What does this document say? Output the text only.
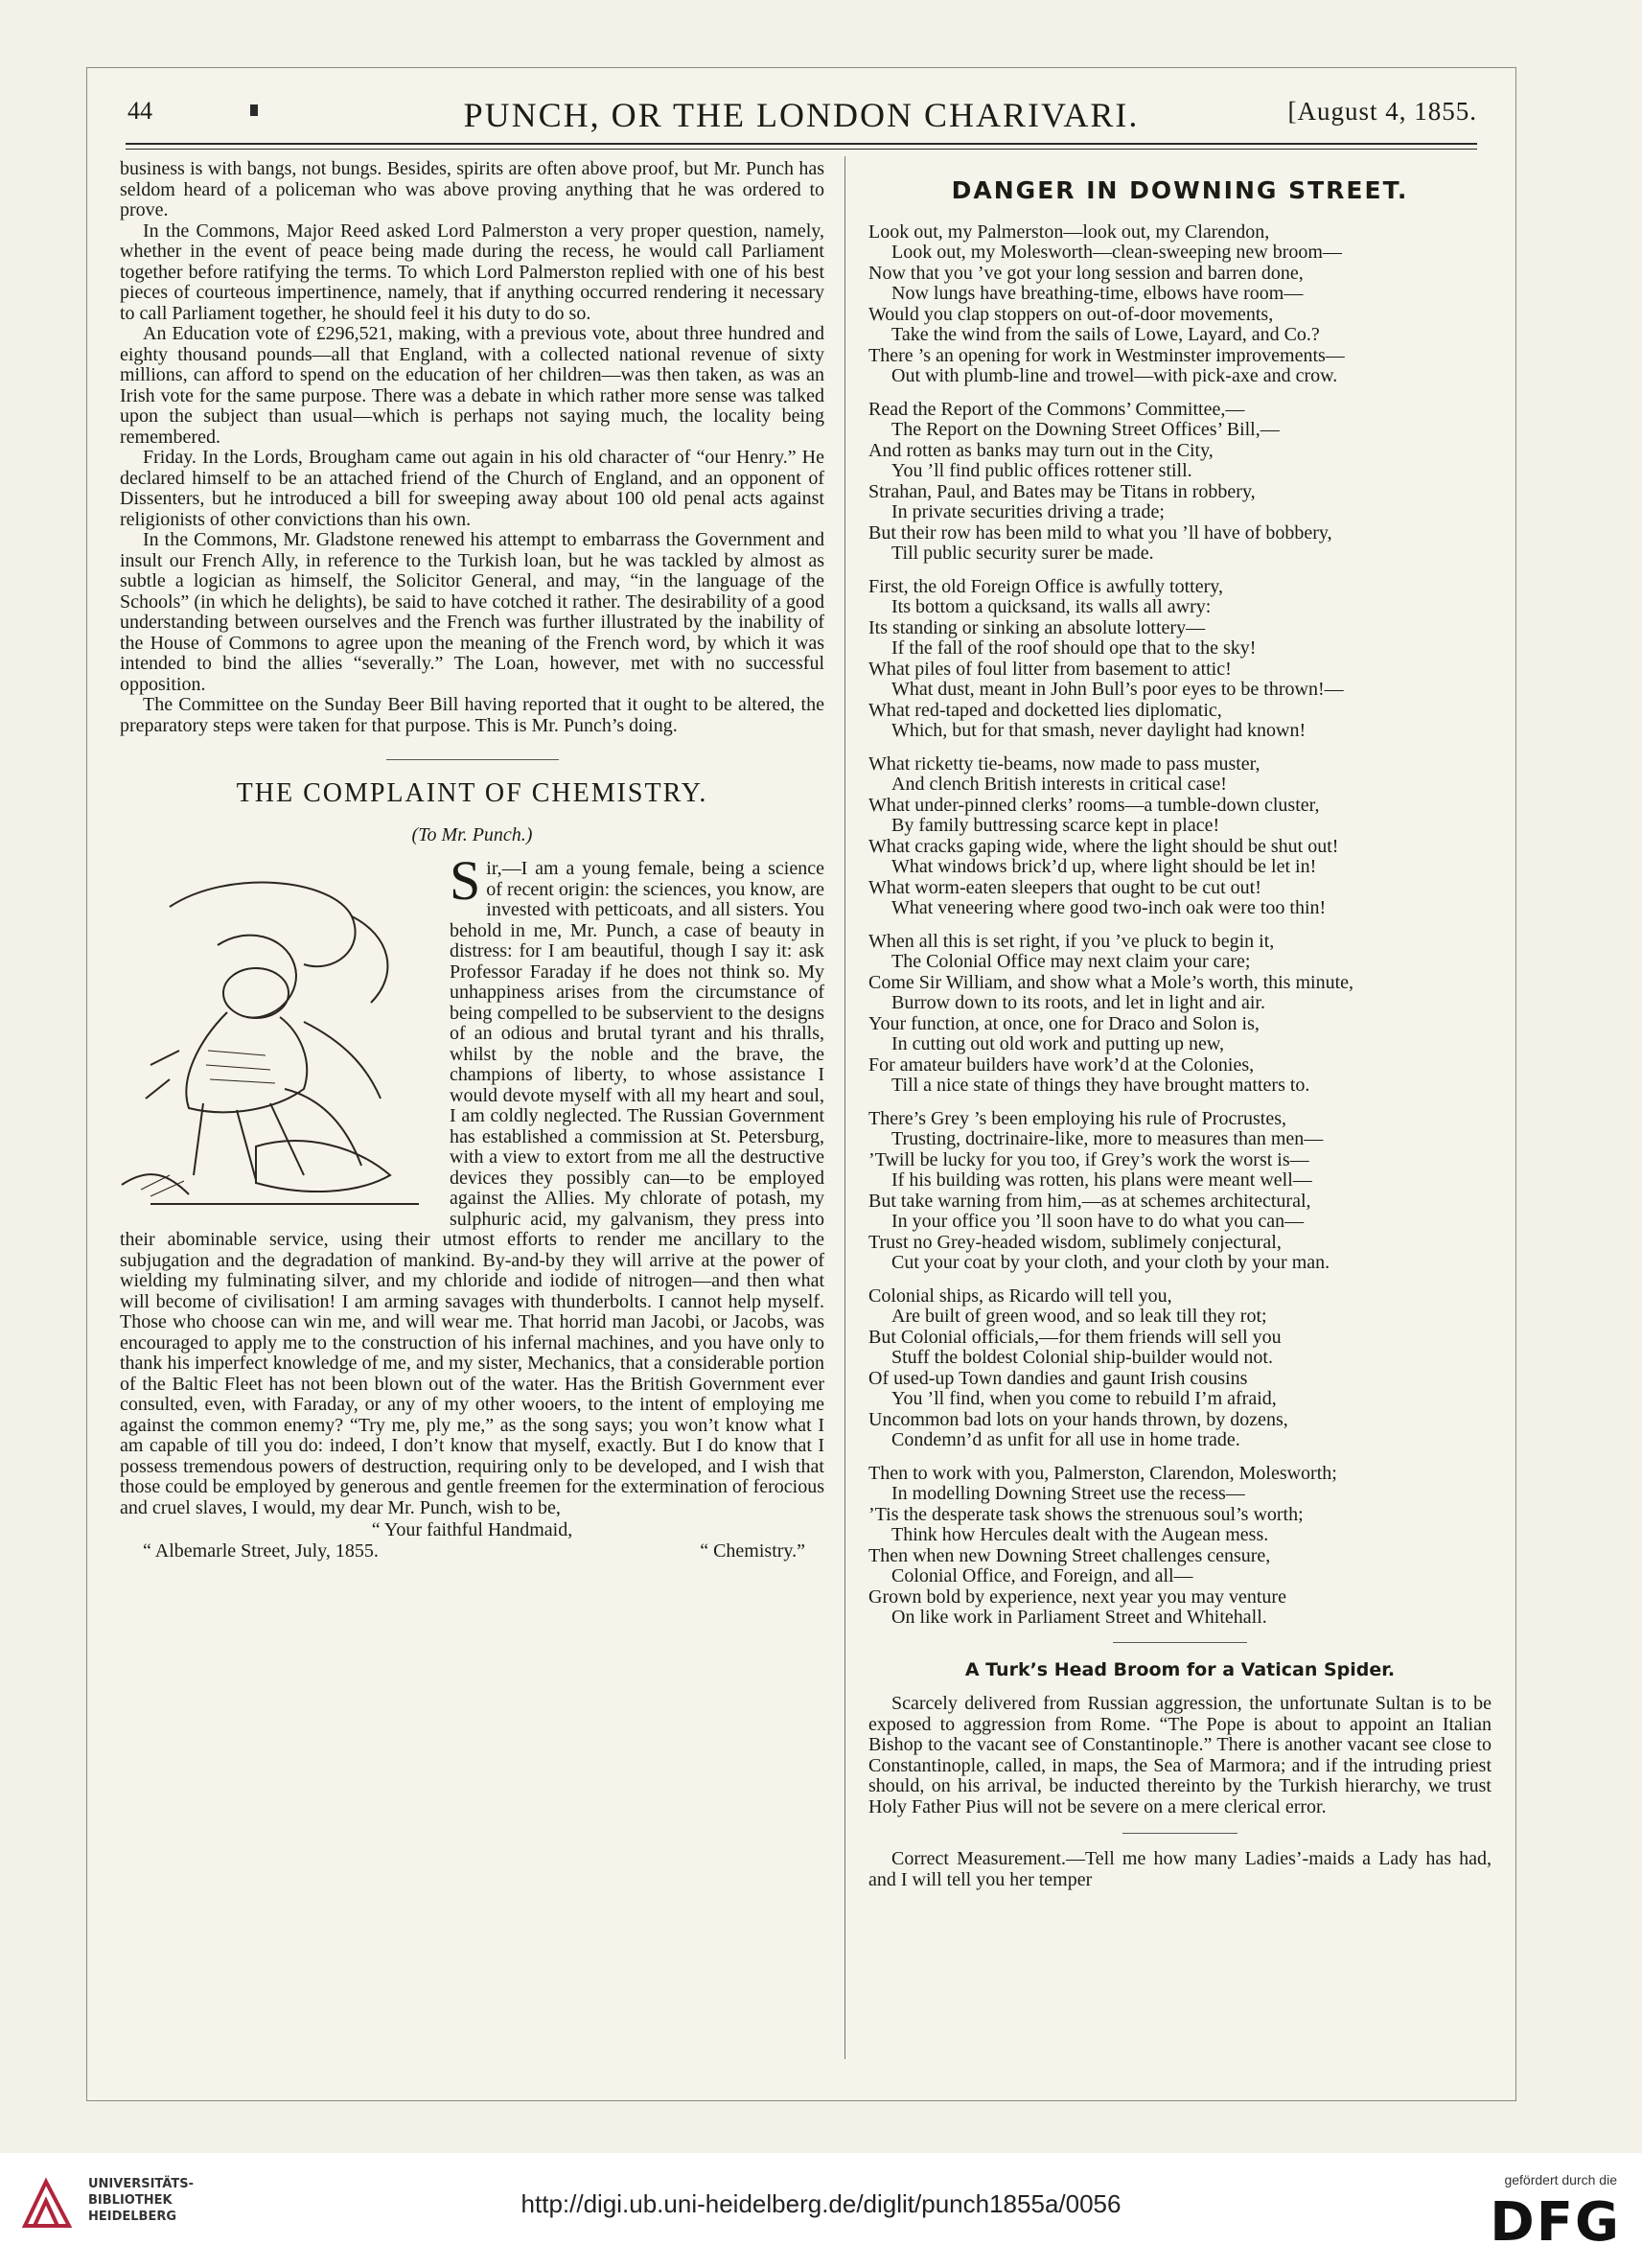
44	PUNCH, OR THE LONDON CHARIVARI.	[August 4, 1855.

business is with bangs, not bungs. Besides, spirits are often above proof, but Mr. Punch has seldom heard of a policeman who was above proving anything that he was ordered to prove.

In the Commons, Major Reed asked Lord Palmerston a very proper question, namely, whether in the event of peace being made during the recess, he would call Parliament together before ratifying the terms. To which Lord Palmerston replied with one of his best pieces of courteous impertinence, namely, that if anything occurred rendering it necessary to call Parliament together, he should feel it his duty to do so.

An Education vote of £296,521, making, with a previous vote, about three hundred and eighty thousand pounds—all that England, with a collected national revenue of sixty millions, can afford to spend on the education of her children—was then taken, as was an Irish vote for the same purpose. There was a debate in which rather more sense was talked upon the subject than usual—which is perhaps not saying much, the locality being remembered.

Friday. In the Lords, Brougham came out again in his old character of “our Henry.” He declared himself to be an attached friend of the Church of England, and an opponent of Dissenters, but he introduced a bill for sweeping away about 100 old penal acts against religionists of other convictions than his own.

In the Commons, Mr. Gladstone renewed his attempt to embarrass the Government and insult our French Ally, in reference to the Turkish loan, but he was tackled by almost as subtle a logician as himself, the Solicitor General, and may, “in the language of the Schools” (in which he delights), be said to have cotched it rather. The desirability of a good understanding between ourselves and the French was further illustrated by the inability of the House of Commons to agree upon the meaning of the French word, by which it was intended to bind the allies “severally.” The Loan, however, met with no successful opposition.

The Committee on the Sunday Beer Bill having reported that it ought to be altered, the preparatory steps were taken for that purpose. This is Mr. Punch’s doing.

THE COMPLAINT OF CHEMISTRY.
(To Mr. Punch.)
S ir,—I am a young female, being a science of recent origin: the sciences, you know, are invested with petticoats, and all sisters. You behold in me, Mr. Punch, a case of beauty in distress: for I am beautiful, though I say it: ask Professor Faraday if he does not think so. My unhappiness arises from the circumstance of being compelled to be subservient to the designs of an odious and brutal tyrant and his thralls, whilst by the noble and the brave, the champions of liberty, to whose assistance I would devote myself with all my heart and soul, I am coldly neglected. The Russian Government has established a commission at St. Petersburg, with a view to extort from me all the destructive devices they possibly can—to be employed against the Allies. My chlorate of potash, my sulphuric acid, my galvanism, they press into their abominable service, using their utmost efforts to render me ancillary to the subjugation and the degradation of mankind. By-and-by they will arrive at the power of wielding my fulminating silver, and my chloride and iodide of nitrogen—and then what will become of civilisation! I am arming savages with thunderbolts. I cannot help myself. Those who choose can win me, and will wear me. That horrid man Jacobi, or Jacobs, was encouraged to apply me to the construction of his infernal machines, and you have only to thank his imperfect knowledge of me, and my sister, Mechanics, that a considerable portion of the Baltic Fleet has not been blown out of the water. Has the British Government ever consulted, even, with Faraday, or any of my other wooers, to the intent of employing me against the common enemy? “Try me, ply me,” as the song says; you won’t know what I am capable of till you do: indeed, I don’t know that myself, exactly. But I do know that I possess tremendous powers of destruction, requiring only to be developed, and I wish that those could be employed by generous and gentle freemen for the extermination of ferocious and cruel slaves, I would, my dear Mr. Punch, wish to be,
“ Your faithful Handmaid,
“ Albemarle Street, July, 1855.	“ Chemistry.”
DANGER IN DOWNING STREET.
Look out, my Palmerston—look out, my Clarendon,
Look out, my Molesworth—clean-sweeping new broom—
Now that you ’ve got your long session and barren done,
Now lungs have breathing-time, elbows have room—
Would you clap stoppers on out-of-door movements,
Take the wind from the sails of Lowe, Layard, and Co.?
There ’s an opening for work in Westminster improvements—
Out with plumb-line and trowel—with pick-axe and crow.
Read the Report of the Commons’ Committee,—
The Report on the Downing Street Offices’ Bill,—
And rotten as banks may turn out in the City,
You ’ll find public offices rottener still.
Strahan, Paul, and Bates may be Titans in robbery,
In private securities driving a trade;
But their row has been mild to what you ’ll have of bobbery,
Till public security surer be made.
First, the old Foreign Office is awfully tottery,
Its bottom a quicksand, its walls all awry:
Its standing or sinking an absolute lottery—
If the fall of the roof should ope that to the sky!
What piles of foul litter from basement to attic!
What dust, meant in John Bull’s poor eyes to be thrown!—
What red-taped and docketted lies diplomatic,
Which, but for that smash, never daylight had known!
What ricketty tie-beams, now made to pass muster,
And clench British interests in critical case!
What under-pinned clerks’ rooms—a tumble-down cluster,
By family buttressing scarce kept in place!
What cracks gaping wide, where the light should be shut out!
What windows brick’d up, where light should be let in!
What worm-eaten sleepers that ought to be cut out!
What veneering where good two-inch oak were too thin!
When all this is set right, if you ’ve pluck to begin it,
The Colonial Office may next claim your care;
Come Sir William, and show what a Mole’s worth, this minute,
Burrow down to its roots, and let in light and air.
Your function, at once, one for Draco and Solon is,
In cutting out old work and putting up new,
For amateur builders have work’d at the Colonies,
Till a nice state of things they have brought matters to.
There’s Grey ’s been employing his rule of Procrustes,
Trusting, doctrinaire-like, more to measures than men—
’Twill be lucky for you too, if Grey’s work the worst is—
If his building was rotten, his plans were meant well—
But take warning from him,—as at schemes architectural,
In your office you ’ll soon have to do what you can—
Trust no Grey-headed wisdom, sublimely conjectural,
Cut your coat by your cloth, and your cloth by your man.
Colonial ships, as Ricardo will tell you,
Are built of green wood, and so leak till they rot;
But Colonial officials,—for them friends will sell you
Stuff the boldest Colonial ship-builder would not.
Of used-up Town dandies and gaunt Irish cousins
You ’ll find, when you come to rebuild I’m afraid,
Uncommon bad lots on your hands thrown, by dozens,
Condemn’d as unfit for all use in home trade.
Then to work with you, Palmerston, Clarendon, Molesworth;
In modelling Downing Street use the recess—
’Tis the desperate task shows the strenuous soul’s worth;
Think how Hercules dealt with the Augean mess.
Then when new Downing Street challenges censure,
Colonial Office, and Foreign, and all—
Grown bold by experience, next year you may venture
On like work in Parliament Street and Whitehall.
A Turk’s Head Broom for a Vatican Spider.

Scarcely delivered from Russian aggression, the unfortunate Sultan is to be exposed to aggression from Rome. “The Pope is about to appoint an Italian Bishop to the vacant see of Constantinople.” There is another vacant see close to Constantinople, called, in maps, the Sea of Marmora; and if the intruding priest should, on his arrival, be inducted thereinto by the Turkish hierarchy, we trust Holy Father Pius will not be severe on a mere clerical error.

Correct Measurement.—Tell me how many Ladies’-maids a Lady has had, and I will tell you her temper

UNIVERSITÄTS-
BIBLIOTHEK
HEIDELBERG	http://digi.ub.uni-heidelberg.de/diglit/punch1855a/0056
gefördert durch die
DFG
